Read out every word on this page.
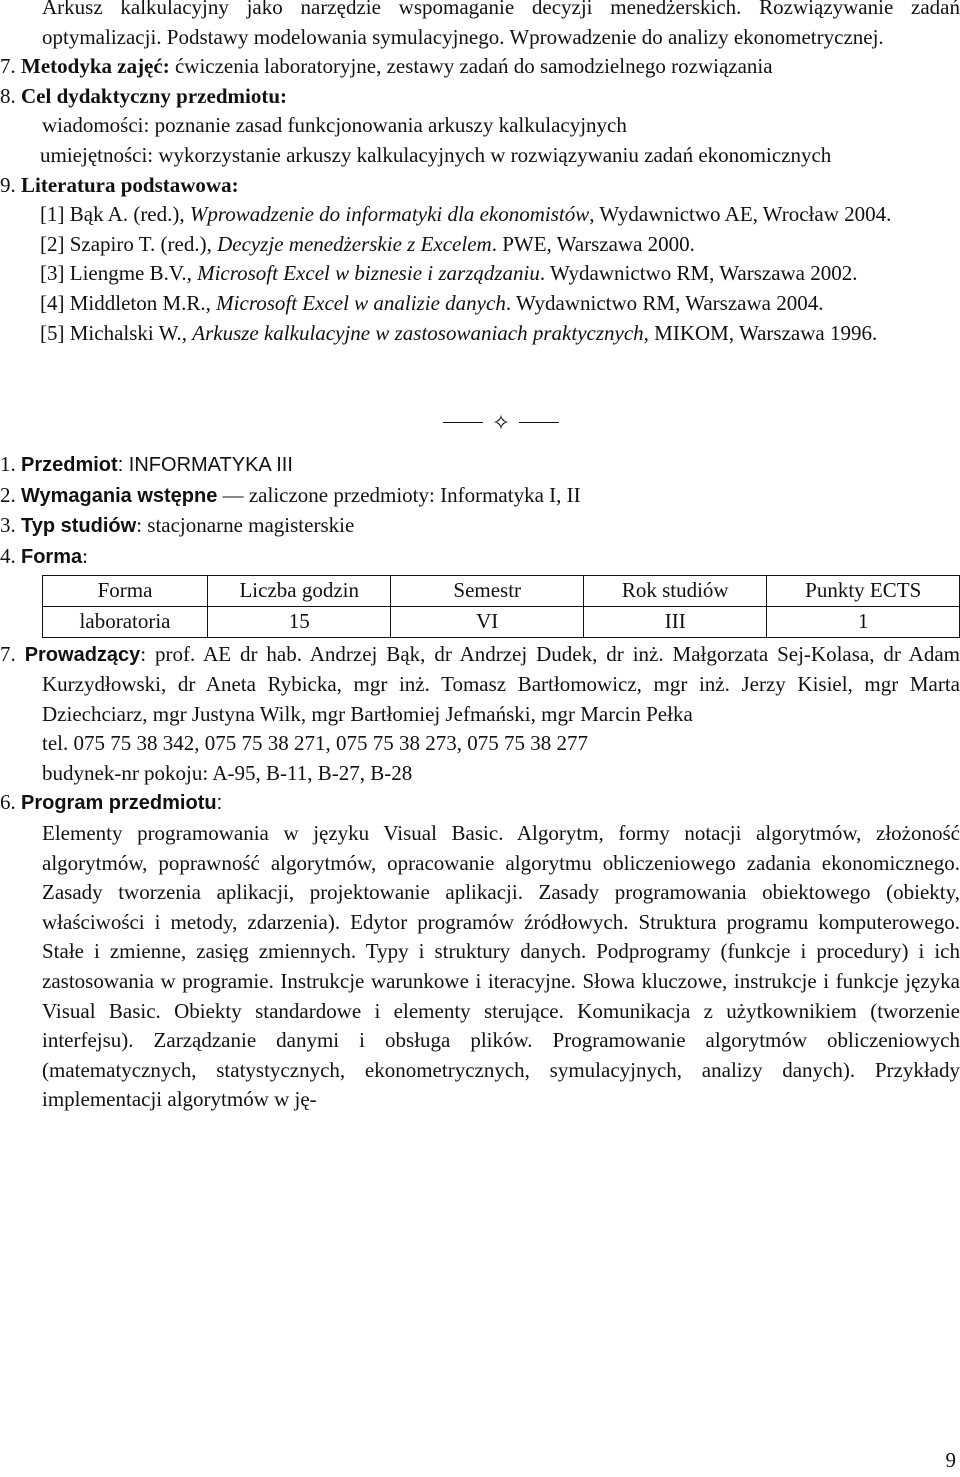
Arkusz kalkulacyjny jako narzędzie wspomaganie decyzji menedżerskich. Rozwiązywanie zadań optymalizacji. Podstawy modelowania symulacyjnego. Wprowadzenie do analizy ekonometrycznej.
7. Metodyka zajęć: ćwiczenia laboratoryjne, zestawy zadań do samodzielnego rozwiązania
8. Cel dydaktyczny przedmiotu:
wiadomości: poznanie zasad funkcjonowania arkuszy kalkulacyjnych
umiejętności: wykorzystanie arkuszy kalkulacyjnych w rozwiązywaniu zadań ekonomicznych
9. Literatura podstawowa:
[1] Bąk A. (red.), Wprowadzenie do informatyki dla ekonomistów, Wydawnictwo AE, Wrocław 2004.
[2] Szapiro T. (red.), Decyzje menedżerskie z Excelem. PWE, Warszawa 2000.
[3] Liengme B.V., Microsoft Excel w biznesie i zarządzaniu. Wydawnictwo RM, Warszawa 2002.
[4] Middleton M.R., Microsoft Excel w analizie danych. Wydawnictwo RM, Warszawa 2004.
[5] Michalski W., Arkusze kalkulacyjne w zastosowaniach praktycznych, MIKOM, Warszawa 1996.
✧
1. Przedmiot: INFORMATYKA III
2. Wymagania wstępne — zaliczone przedmioty: Informatyka I, II
3. Typ studiów: stacjonarne magisterskie
4. Forma:
Forma	Liczba godzin	Semestr	Rok studiów	Punkty ECTS
laboratoria	15	VI	III	1
7. Prowadzący: prof. AE dr hab. Andrzej Bąk, dr Andrzej Dudek, dr inż. Małgorzata Sej-Kolasa, dr Adam Kurzydłowski, dr Aneta Rybicka, mgr inż. Tomasz Bartłomowicz, mgr inż. Jerzy Kisiel, mgr Marta Dziechciarz, mgr Justyna Wilk, mgr Bartłomiej Jefmański, mgr Marcin Pełka
tel. 075 75 38 342, 075 75 38 271, 075 75 38 273, 075 75 38 277
budynek-nr pokoju: A-95, B-11, B-27, B-28
6. Program przedmiotu:
Elementy programowania w języku Visual Basic. Algorytm, formy notacji algorytmów, złożoność algorytmów, poprawność algorytmów, opracowanie algorytmu obliczeniowego zadania ekonomicznego. Zasady tworzenia aplikacji, projektowanie aplikacji. Zasady programowania obiektowego (obiekty, właściwości i metody, zdarzenia). Edytor programów źródłowych. Struktura programu komputerowego. Stałe i zmienne, zasięg zmiennych. Typy i struktury danych. Podprogramy (funkcje i procedury) i ich zastosowania w programie. Instrukcje warunkowe i iteracyjne. Słowa kluczowe, instrukcje i funkcje języka Visual Basic. Obiekty standardowe i elementy sterujące. Komunikacja z użytkownikiem (tworzenie interfejsu). Zarządzanie danymi i obsługa plików. Programowanie algorytmów obliczeniowych (matematycznych, statystycznych, ekonometrycznych, symulacyjnych, analizy danych). Przykłady implementacji algorytmów w ję-
9
